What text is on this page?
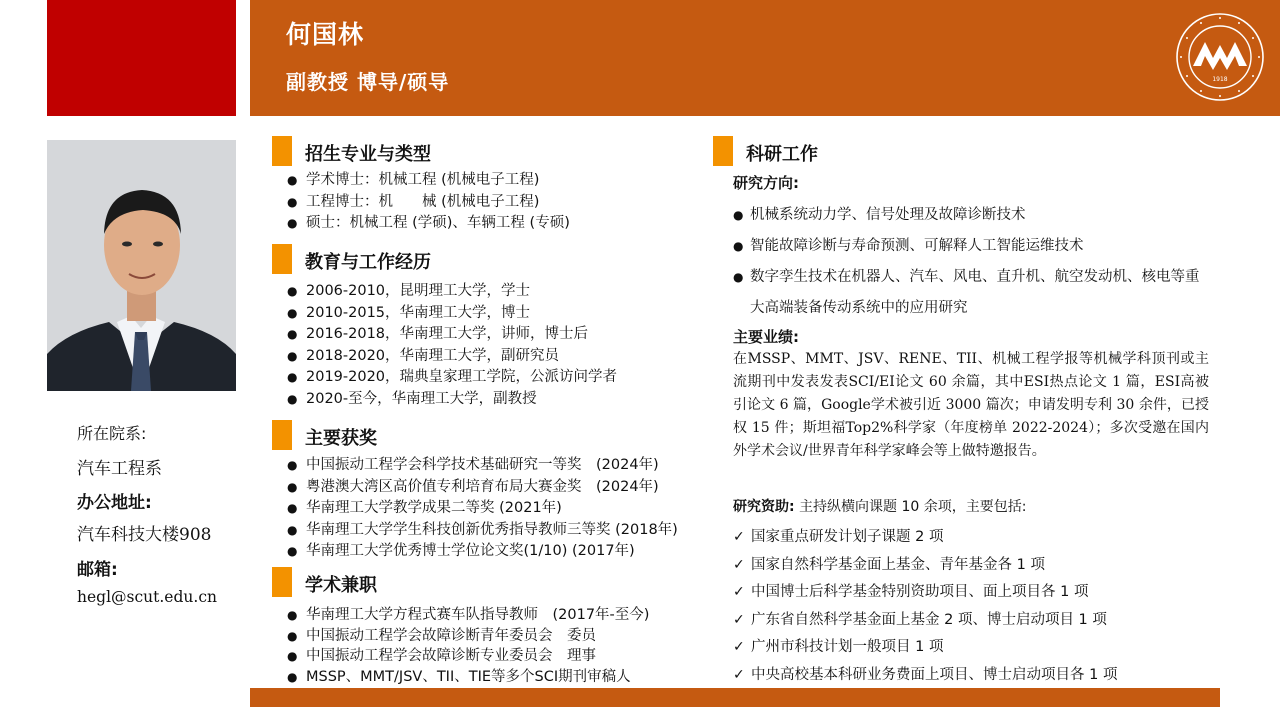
何国林
副教授 博导/硕导	1918
所在院系:
汽车工程系
办公地址:
汽车科技大楼908
邮箱:
hegl@scut.edu.cn
招生专业与类型
● 学术博士：机械工程 (机械电子工程)
● 工程博士：机　　械 (机械电子工程)
● 硕士：机械工程 (学硕)、车辆工程 (专硕)
教育与工作经历
● 2006-2010，昆明理工大学，学士
● 2010-2015，华南理工大学，博士
● 2016-2018，华南理工大学，讲师，博士后
● 2018-2020，华南理工大学，副研究员
● 2019-2020，瑞典皇家理工学院，公派访问学者
● 2020-至今，华南理工大学，副教授
主要获奖
● 中国振动工程学会科学技术基础研究一等奖　(2024年)
● 粤港澳大湾区高价值专利培育布局大赛金奖　(2024年)
● 华南理工大学教学成果二等奖 (2021年)
● 华南理工大学学生科技创新优秀指导教师三等奖 (2018年)
● 华南理工大学优秀博士学位论文奖(1/10) (2017年)
学术兼职
● 华南理工大学方程式赛车队指导教师　(2017年-至今)
● 中国振动工程学会故障诊断青年委员会　委员
● 中国振动工程学会故障诊断专业委员会　理事
● MSSP、MMT/JSV、TII、TIE等多个SCI期刊审稿人
科研工作
研究方向:
● 机械系统动力学、信号处理及故障诊断技术
● 智能故障诊断与寿命预测、可解释人工智能运维技术
● 数字孪生技术在机器人、汽车、风电、直升机、航空发动机、核电等重大高端装备传动系统中的应用研究
主要业绩:
在MSSP、MMT、JSV、RENE、TII、机械工程学报等机械学科顶刊或主流期刊中发表发表SCI/EI论文 60 余篇，其中ESI热点论文 1 篇，ESI高被引论文 6 篇，Google学术被引近 3000 篇次；申请发明专利 30 余件，已授权 15 件；斯坦福Top2%科学家（年度榜单 2022-2024）；多次受邀在国内外学术会议/世界青年科学家峰会等上做特邀报告。
研究资助: 主持纵横向课题 10 余项，主要包括:
✓ 国家重点研发计划子课题 2 项
✓ 国家自然科学基金面上基金、青年基金各 1 项
✓ 中国博士后科学基金特别资助项目、面上项目各 1 项
✓ 广东省自然科学基金面上基金 2 项、博士启动项目 1 项
✓ 广州市科技计划一般项目 1 项
✓ 中央高校基本科研业务费面上项目、博士启动项目各 1 项
